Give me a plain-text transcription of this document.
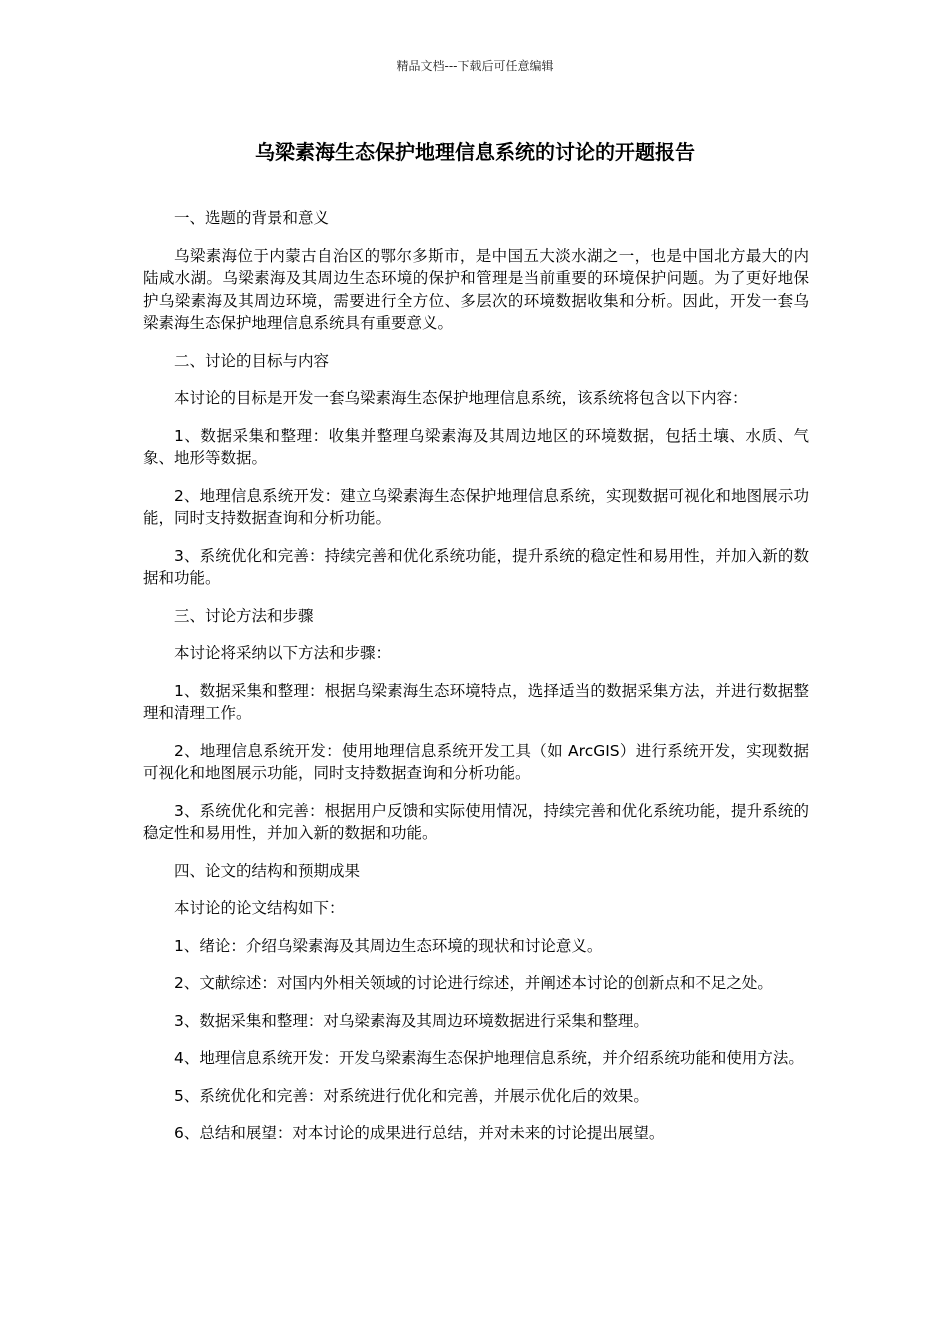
精品文档---下载后可任意编辑
乌梁素海生态保护地理信息系统的讨论的开题报告

一、选题的背景和意义

乌梁素海位于内蒙古自治区的鄂尔多斯市，是中国五大淡水湖之一，也是中国北方最大的内陆咸水湖。乌梁素海及其周边生态环境的保护和管理是当前重要的环境保护问题。为了更好地保护乌梁素海及其周边环境，需要进行全方位、多层次的环境数据收集和分析。因此，开发一套乌梁素海生态保护地理信息系统具有重要意义。

二、讨论的目标与内容

本讨论的目标是开发一套乌梁素海生态保护地理信息系统，该系统将包含以下内容：

1、数据采集和整理：收集并整理乌梁素海及其周边地区的环境数据，包括土壤、水质、气象、地形等数据。

2、地理信息系统开发：建立乌梁素海生态保护地理信息系统，实现数据可视化和地图展示功能，同时支持数据查询和分析功能。

3、系统优化和完善：持续完善和优化系统功能，提升系统的稳定性和易用性，并加入新的数据和功能。

三、讨论方法和步骤

本讨论将采纳以下方法和步骤：

1、数据采集和整理：根据乌梁素海生态环境特点，选择适当的数据采集方法，并进行数据整理和清理工作。

2、地理信息系统开发：使用地理信息系统开发工具（如 ArcGIS）进行系统开发，实现数据可视化和地图展示功能，同时支持数据查询和分析功能。

3、系统优化和完善：根据用户反馈和实际使用情况，持续完善和优化系统功能，提升系统的稳定性和易用性，并加入新的数据和功能。

四、论文的结构和预期成果

本讨论的论文结构如下：

1、绪论：介绍乌梁素海及其周边生态环境的现状和讨论意义。

2、文献综述：对国内外相关领域的讨论进行综述，并阐述本讨论的创新点和不足之处。

3、数据采集和整理：对乌梁素海及其周边环境数据进行采集和整理。

4、地理信息系统开发：开发乌梁素海生态保护地理信息系统，并介绍系统功能和使用方法。

5、系统优化和完善：对系统进行优化和完善，并展示优化后的效果。

6、总结和展望：对本讨论的成果进行总结，并对未来的讨论提出展望。
